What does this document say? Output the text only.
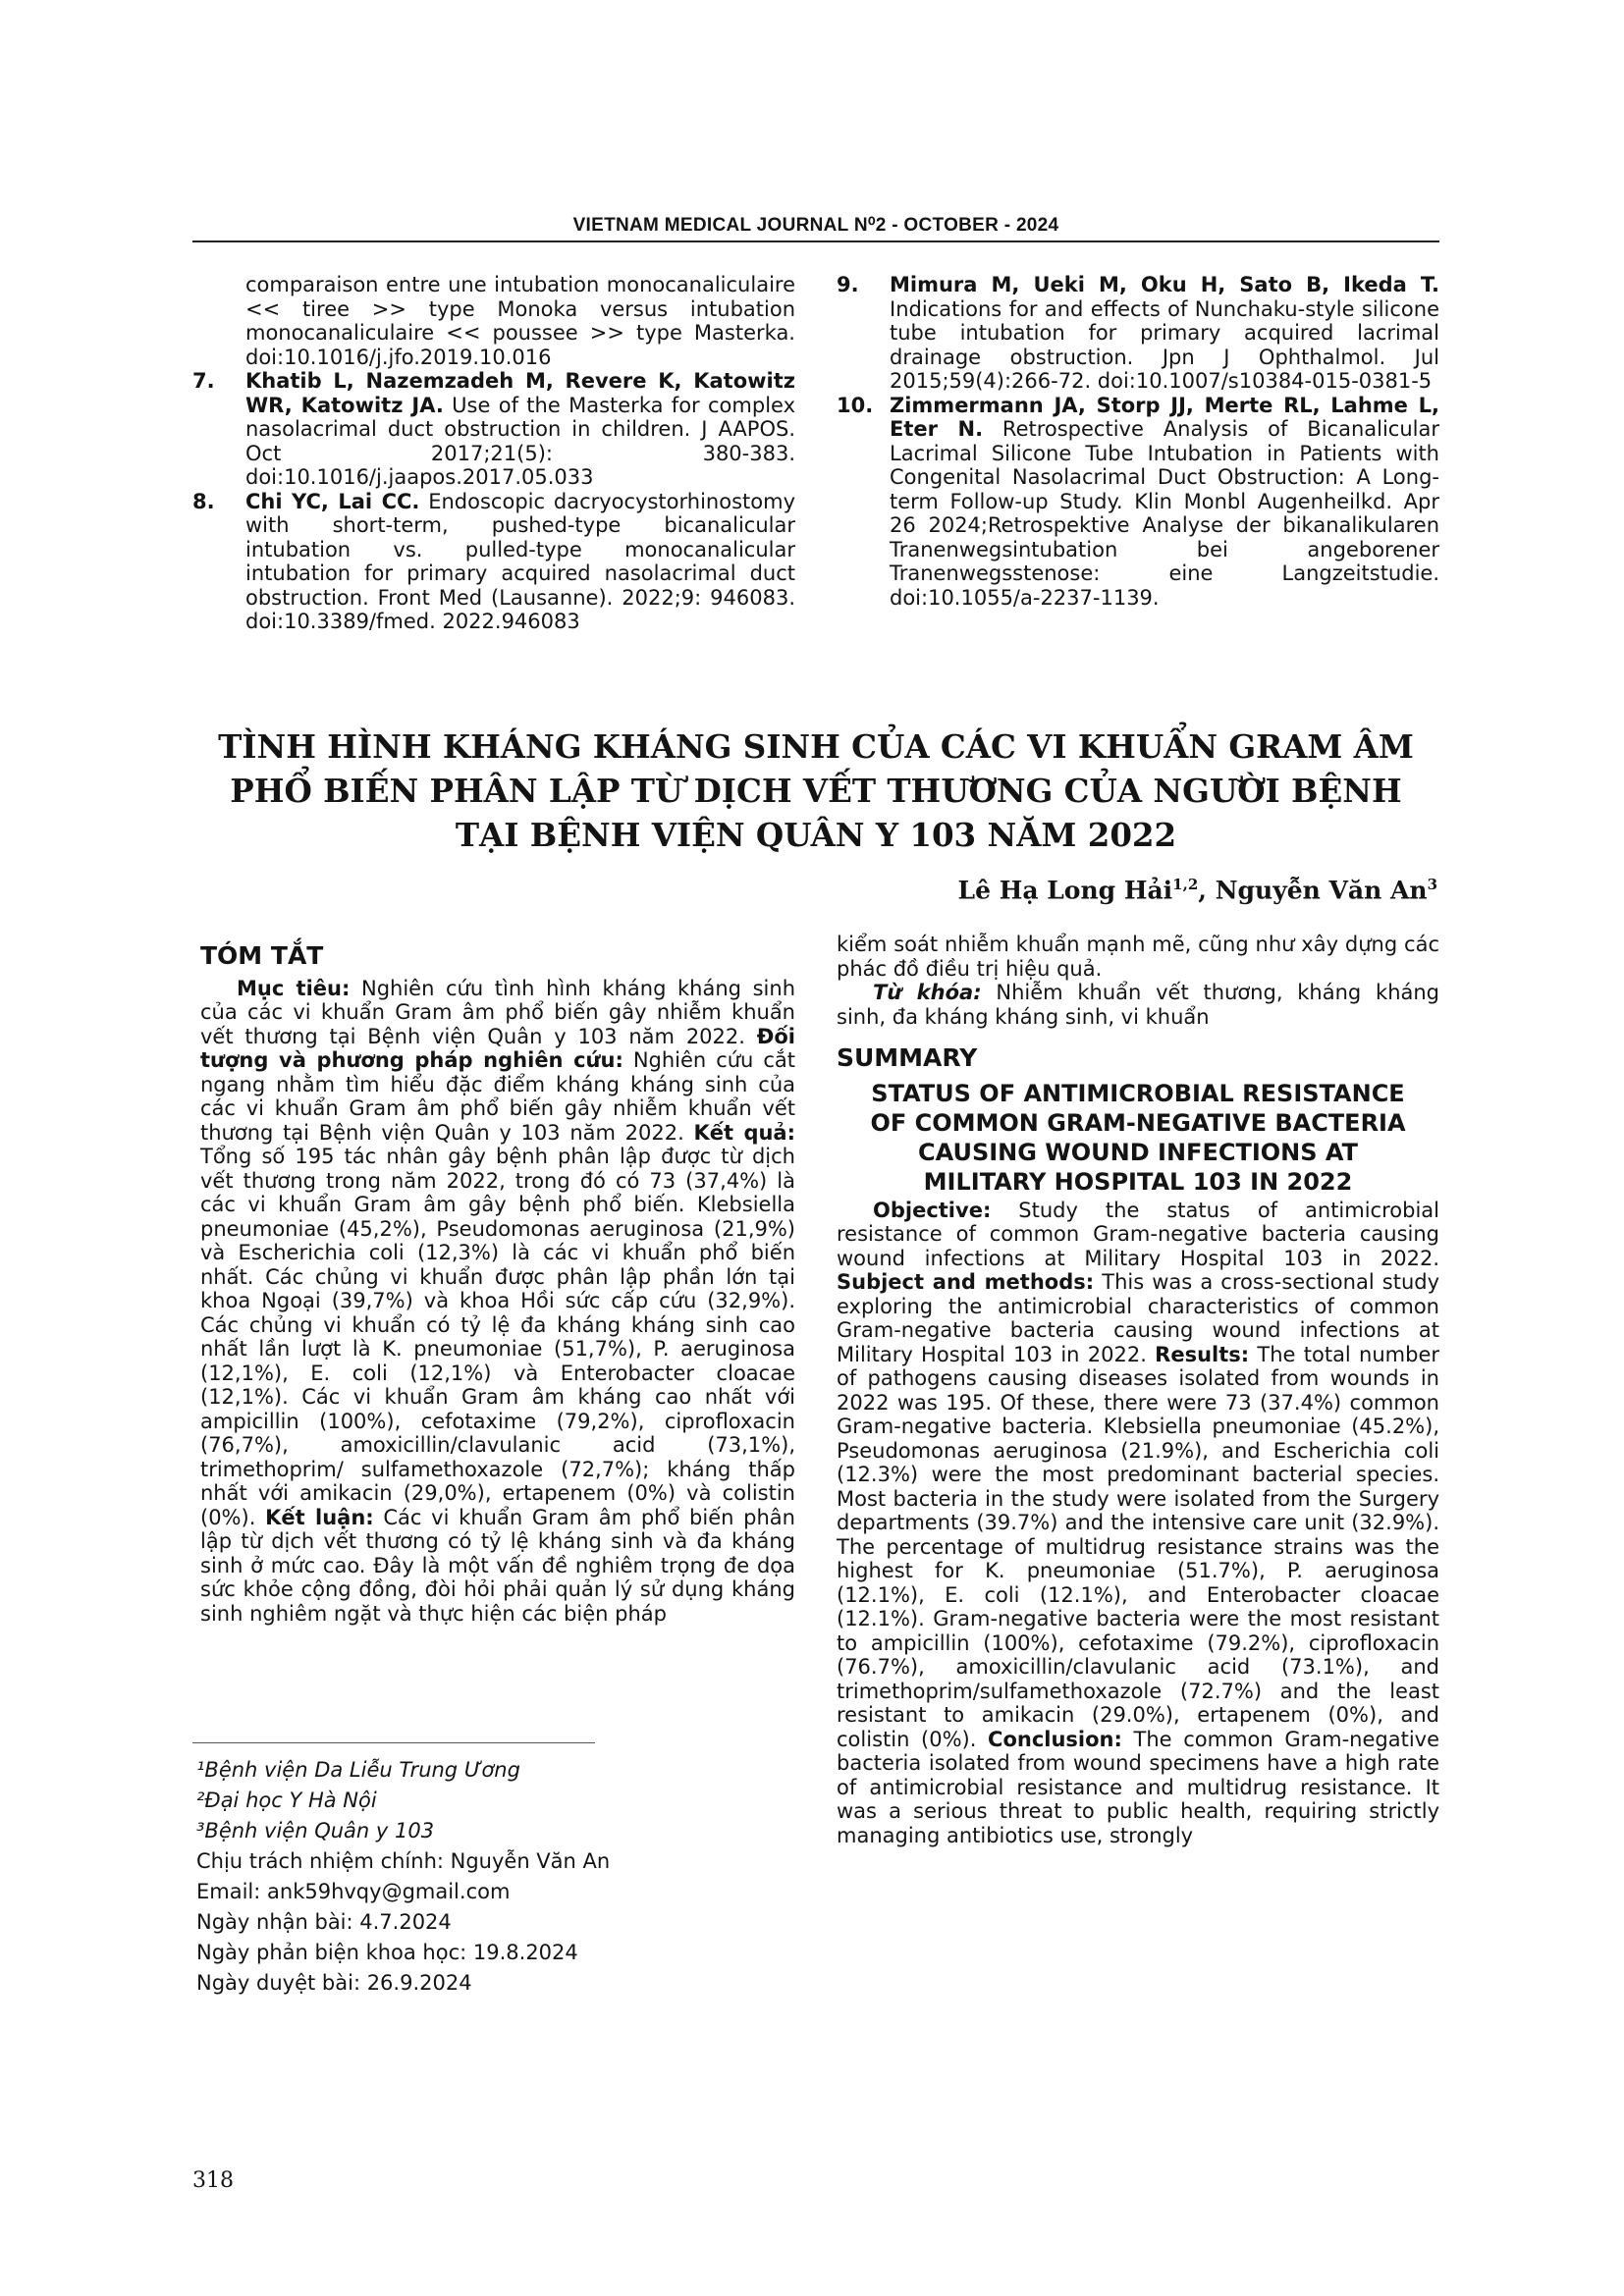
VIETNAM MEDICAL JOURNAL N⁰2 - OCTOBER - 2024

comparaison entre une intubation monocanaliculaire << tiree >> type Monoka versus intubation monocanaliculaire << poussee >> type Masterka. doi:10.1016/j.jfo.2019.10.016

7. Khatib L, Nazemzadeh M, Revere K, Katowitz WR, Katowitz JA. Use of the Masterka for complex nasolacrimal duct obstruction in children. J AAPOS. Oct 2017;21(5): 380-383. doi:10.1016/j.jaapos.2017.05.033

8. Chi YC, Lai CC. Endoscopic dacryocystorhinostomy with short-term, pushed-type bicanalicular intubation vs. pulled-type monocanalicular intubation for primary acquired nasolacrimal duct obstruction. Front Med (Lausanne). 2022;9: 946083. doi:10.3389/fmed. 2022.946083

9. Mimura M, Ueki M, Oku H, Sato B, Ikeda T. Indications for and effects of Nunchaku-style silicone tube intubation for primary acquired lacrimal drainage obstruction. Jpn J Ophthalmol. Jul 2015;59(4):266-72. doi:10.1007/s10384-015-0381-5

10. Zimmermann JA, Storp JJ, Merte RL, Lahme L, Eter N. Retrospective Analysis of Bicanalicular Lacrimal Silicone Tube Intubation in Patients with Congenital Nasolacrimal Duct Obstruction: A Long-term Follow-up Study. Klin Monbl Augenheilkd. Apr 26 2024;Retrospektive Analyse der bikanalikularen Tranenwegsintubation bei angeborener Tranenwegsstenose: eine Langzeitstudie. doi:10.1055/a-2237-1139.

TÌNH HÌNH KHÁNG KHÁNG SINH CỦA CÁC VI KHUẨN GRAM ÂM
PHỔ BIẾN PHÂN LẬP TỪ DỊCH VẾT THƯƠNG CỦA NGƯỜI BỆNH
TẠI BỆNH VIỆN QUÂN Y 103 NĂM 2022
Lê Hạ Long Hải$^{1,2}$, Nguyễn Văn An$^3$
TÓM TẮT

Mục tiêu: Nghiên cứu tình hình kháng kháng sinh của các vi khuẩn Gram âm phổ biến gây nhiễm khuẩn vết thương tại Bệnh viện Quân y 103 năm 2022. Đối tượng và phương pháp nghiên cứu: Nghiên cứu cắt ngang nhằm tìm hiểu đặc điểm kháng kháng sinh của các vi khuẩn Gram âm phổ biến gây nhiễm khuẩn vết thương tại Bệnh viện Quân y 103 năm 2022. Kết quả: Tổng số 195 tác nhân gây bệnh phân lập được từ dịch vết thương trong năm 2022, trong đó có 73 (37,4%) là các vi khuẩn Gram âm gây bệnh phổ biến. Klebsiella pneumoniae (45,2%), Pseudomonas aeruginosa (21,9%) và Escherichia coli (12,3%) là các vi khuẩn phổ biến nhất. Các chủng vi khuẩn được phân lập phần lớn tại khoa Ngoại (39,7%) và khoa Hồi sức cấp cứu (32,9%). Các chủng vi khuẩn có tỷ lệ đa kháng kháng sinh cao nhất lần lượt là K. pneumoniae (51,7%), P. aeruginosa (12,1%), E. coli (12,1%) và Enterobacter cloacae (12,1%). Các vi khuẩn Gram âm kháng cao nhất với ampicillin (100%), cefotaxime (79,2%), ciprofloxacin (76,7%), amoxicillin/clavulanic acid (73,1%), trimethoprim/ sulfamethoxazole (72,7%); kháng thấp nhất với amikacin (29,0%), ertapenem (0%) và colistin (0%). Kết luận: Các vi khuẩn Gram âm phổ biến phân lập từ dịch vết thương có tỷ lệ kháng sinh và đa kháng sinh ở mức cao. Đây là một vấn đề nghiêm trọng đe dọa sức khỏe cộng đồng, đòi hỏi phải quản lý sử dụng kháng sinh nghiêm ngặt và thực hiện các biện pháp

¹Bệnh viện Da Liễu Trung Ương
²Đại học Y Hà Nội
³Bệnh viện Quân y 103
Chịu trách nhiệm chính: Nguyễn Văn An
Email: ank59hvqy@gmail.com
Ngày nhận bài: 4.7.2024
Ngày phản biện khoa học: 19.8.2024
Ngày duyệt bài: 26.9.2024

kiểm soát nhiễm khuẩn mạnh mẽ, cũng như xây dựng các phác đồ điều trị hiệu quả.

Từ khóa: Nhiễm khuẩn vết thương, kháng kháng sinh, đa kháng kháng sinh, vi khuẩn

SUMMARY
STATUS OF ANTIMICROBIAL RESISTANCE
OF COMMON GRAM-NEGATIVE BACTERIA
CAUSING WOUND INFECTIONS AT
MILITARY HOSPITAL 103 IN 2022

Objective: Study the status of antimicrobial resistance of common Gram-negative bacteria causing wound infections at Military Hospital 103 in 2022. Subject and methods: This was a cross-sectional study exploring the antimicrobial characteristics of common Gram-negative bacteria causing wound infections at Military Hospital 103 in 2022. Results: The total number of pathogens causing diseases isolated from wounds in 2022 was 195. Of these, there were 73 (37.4%) common Gram-negative bacteria. Klebsiella pneumoniae (45.2%), Pseudomonas aeruginosa (21.9%), and Escherichia coli (12.3%) were the most predominant bacterial species. Most bacteria in the study were isolated from the Surgery departments (39.7%) and the intensive care unit (32.9%). The percentage of multidrug resistance strains was the highest for K. pneumoniae (51.7%), P. aeruginosa (12.1%), E. coli (12.1%), and Enterobacter cloacae (12.1%). Gram-negative bacteria were the most resistant to ampicillin (100%), cefotaxime (79.2%), ciprofloxacin (76.7%), amoxicillin/clavulanic acid (73.1%), and trimethoprim/sulfamethoxazole (72.7%) and the least resistant to amikacin (29.0%), ertapenem (0%), and colistin (0%). Conclusion: The common Gram-negative bacteria isolated from wound specimens have a high rate of antimicrobial resistance and multidrug resistance. It was a serious threat to public health, requiring strictly managing antibiotics use, strongly

318
